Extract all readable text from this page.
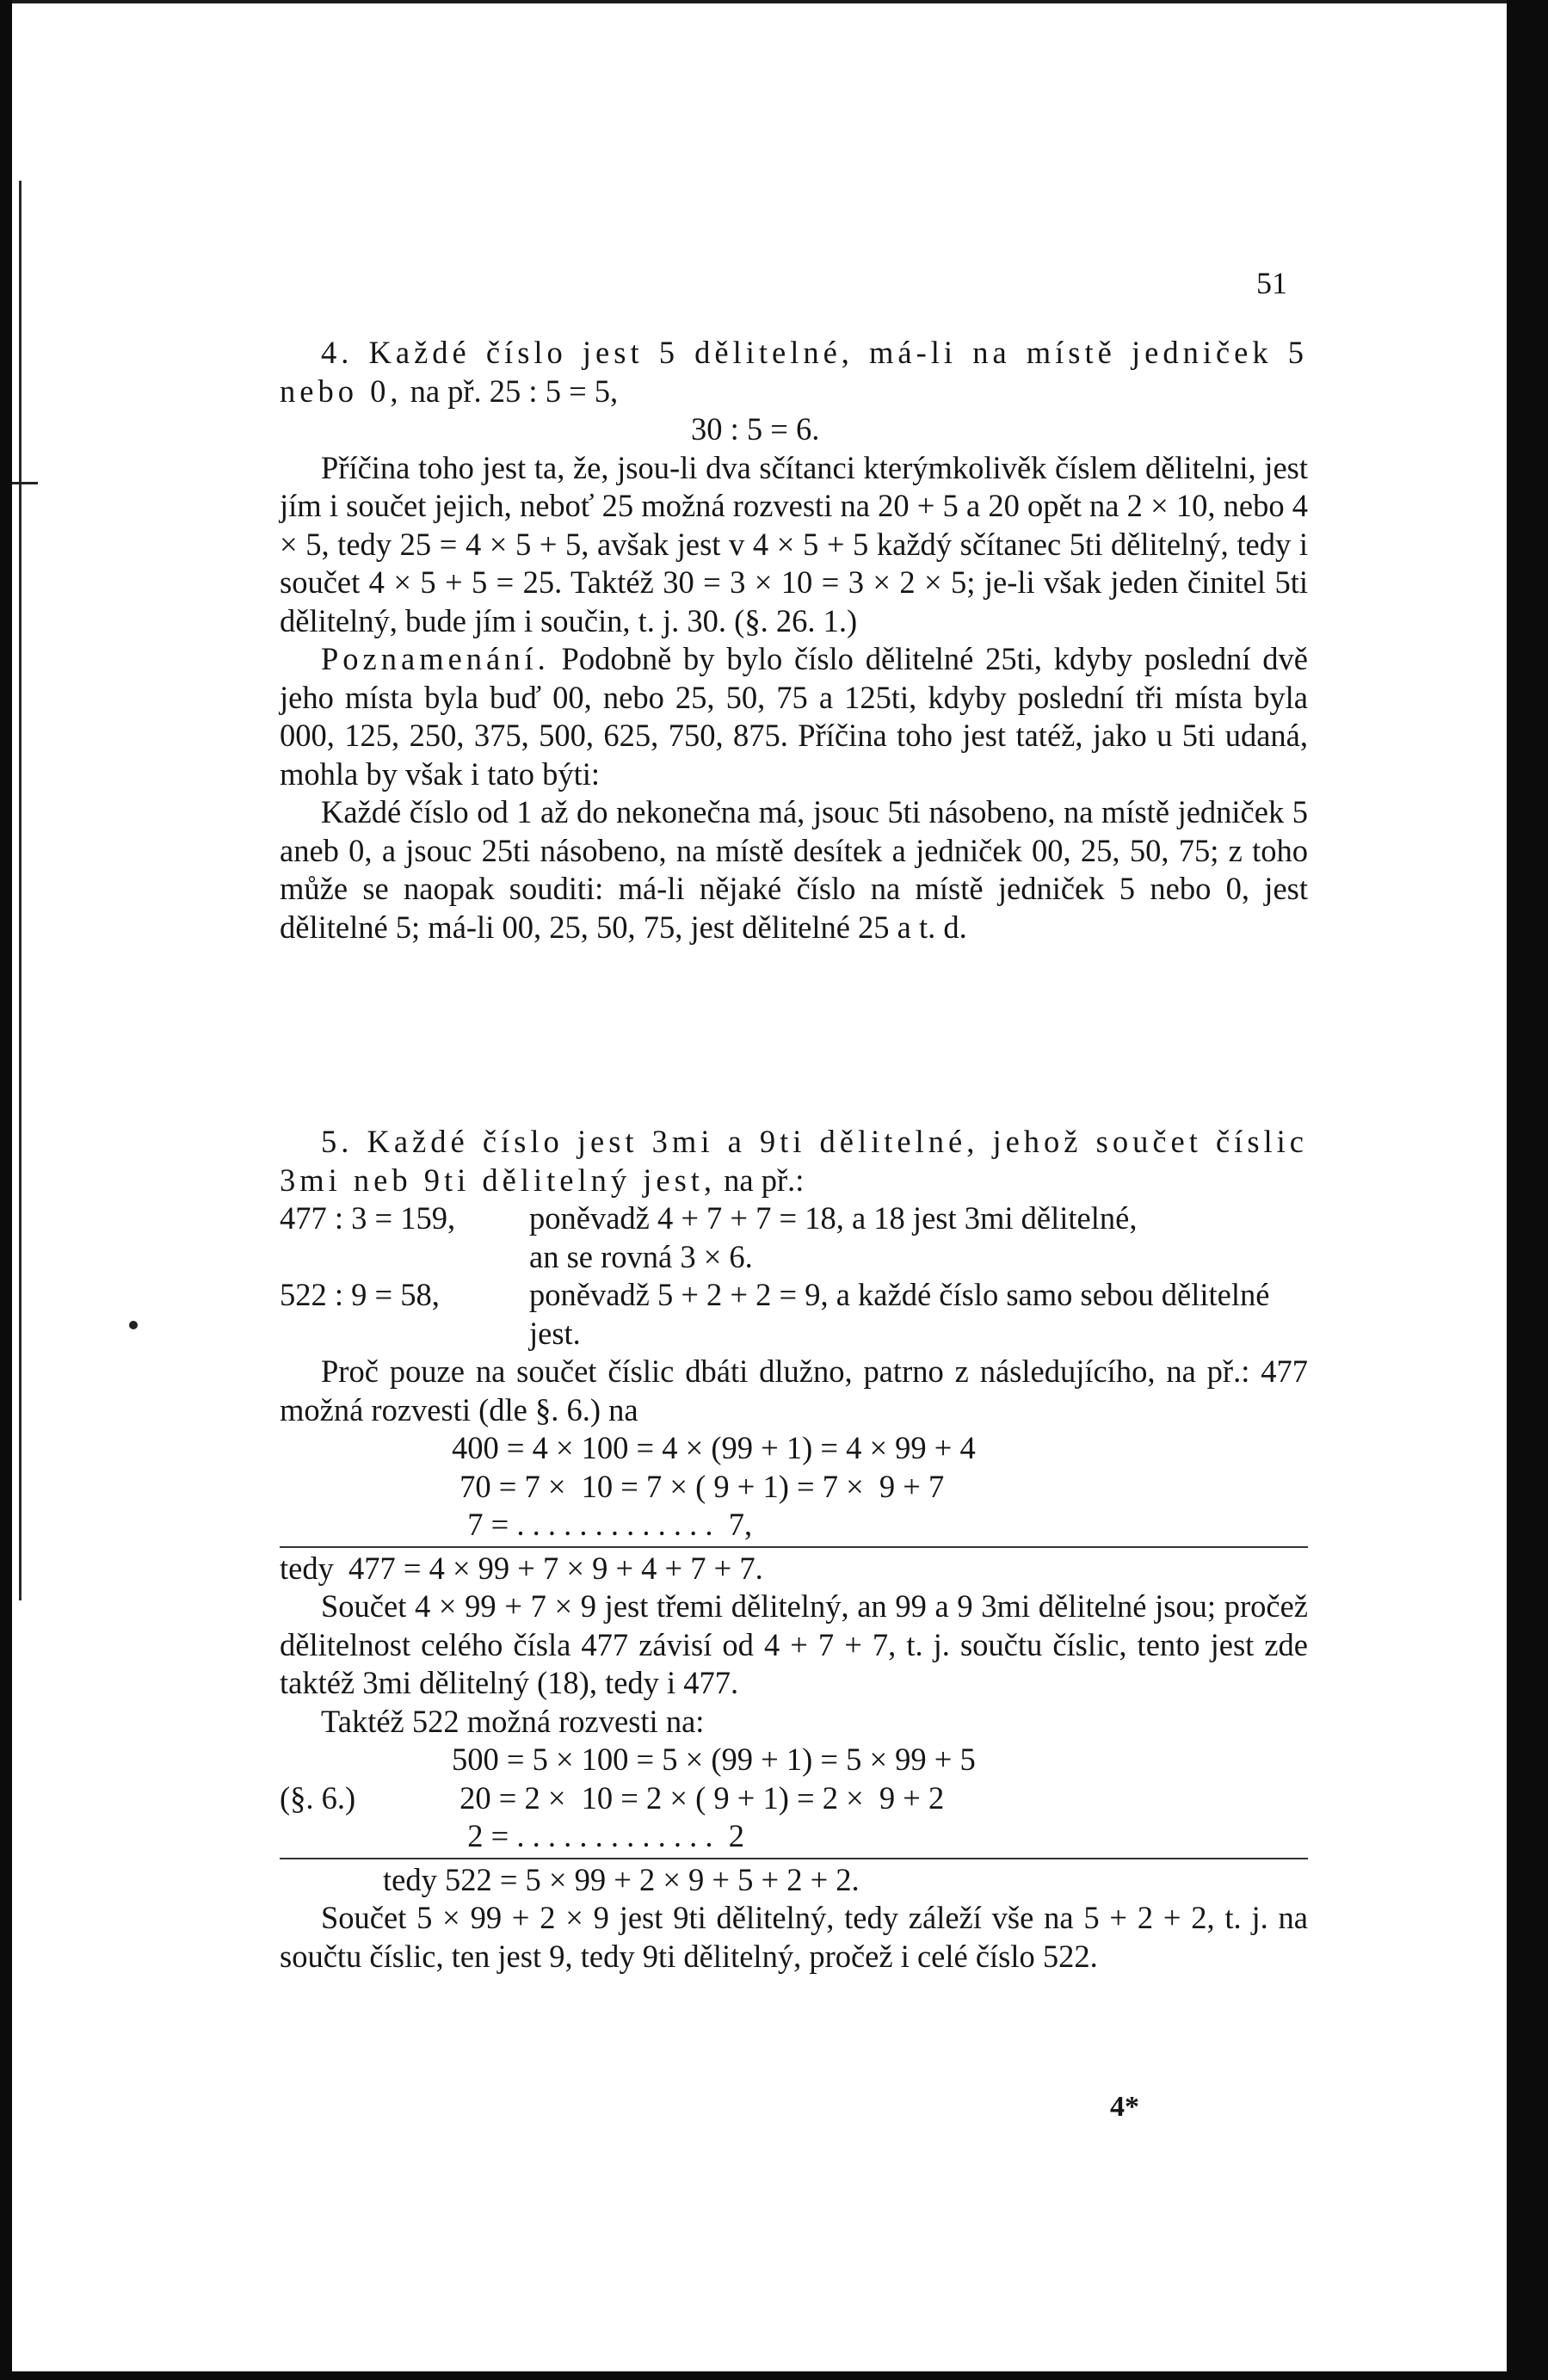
51

4. Každé číslo jest 5 dělitelné, má-li na místě jedniček 5 nebo 0, na př. 25 : 5 = 5,

30 : 5 = 6.

Příčina toho jest ta, že, jsou-li dva sčítanci kterýmkolivěk číslem dělitelni, jest jím i součet jejich, neboť 25 možná rozvesti na 20 + 5 a 20 opět na 2 × 10, nebo 4 × 5, tedy 25 = 4 × 5 + 5, avšak jest v 4 × 5 + 5 každý sčítanec 5ti dělitelný, tedy i součet 4 × 5 + 5 = 25. Taktéž 30 = 3 × 10 = 3 × 2 × 5; je-li však jeden činitel 5ti dělitelný, bude jím i součin, t. j. 30. (§. 26. 1.)

Poznamenání. Podobně by bylo číslo dělitelné 25ti, kdyby poslední dvě jeho místa byla buď 00, nebo 25, 50, 75 a 125ti, kdyby poslední tři místa byla 000, 125, 250, 375, 500, 625, 750, 875. Příčina toho jest tatéž, jako u 5ti udaná, mohla by však i tato býti:

Každé číslo od 1 až do nekonečna má, jsouc 5ti násobeno, na místě jedniček 5 aneb 0, a jsouc 25ti násobeno, na místě desítek a jedniček 00, 25, 50, 75; z toho může se naopak souditi: má-li nějaké číslo na místě jedniček 5 nebo 0, jest dělitelné 5; má-li 00, 25, 50, 75, jest dělitelné 25 a t. d.

5. Každé číslo jest 3mi a 9ti dělitelné, jehož součet číslic 3mi neb 9ti dělitelný jest, na př.:

477 : 3 = 159,	poněvadž 4 + 7 + 7 = 18, a 18 jest 3mi dělitelné,

an se rovná 3 × 6.

522 : 9 = 58,	poněvadž 5 + 2 + 2 = 9, a každé číslo samo sebou dělitelné jest.

Proč pouze na součet číslic dbáti dlužno, patrno z následujícího, na př.: 477 možná rozvesti (dle §. 6.) na

400 = 4 × 100 = 4 × (99 + 1) = 4 × 99 + 4
70 = 7 ×  10 = 7 × ( 9 + 1) = 7 ×  9 + 7
7 = . . . . . . . . . . . . .  7,
tedy 477 = 4 × 99 + 7 × 9 + 4 + 7 + 7.

Součet 4 × 99 + 7 × 9 jest třemi dělitelný, an 99 a 9 3mi dělitelné jsou; pročež dělitelnost celého čísla 477 závisí od 4 + 7 + 7, t. j. součtu číslic, tento jest zde taktéž 3mi dělitelný (18), tedy i 477.

Taktéž 522 možná rozvesti na:

500 = 5 × 100 = 5 × (99 + 1) = 5 × 99 + 5
(§. 6.)	20 = 2 ×  10 = 2 × ( 9 + 1) = 2 ×  9 + 2
2 = . . . . . . . . . . . . .  2
tedy 522 = 5 × 99 + 2 × 9 + 5 + 2 + 2.

Součet 5 × 99 + 2 × 9 jest 9ti dělitelný, tedy záleží vše na 5 + 2 + 2, t. j. na součtu číslic, ten jest 9, tedy 9ti dělitelný, pročež i celé číslo 522.

4*
